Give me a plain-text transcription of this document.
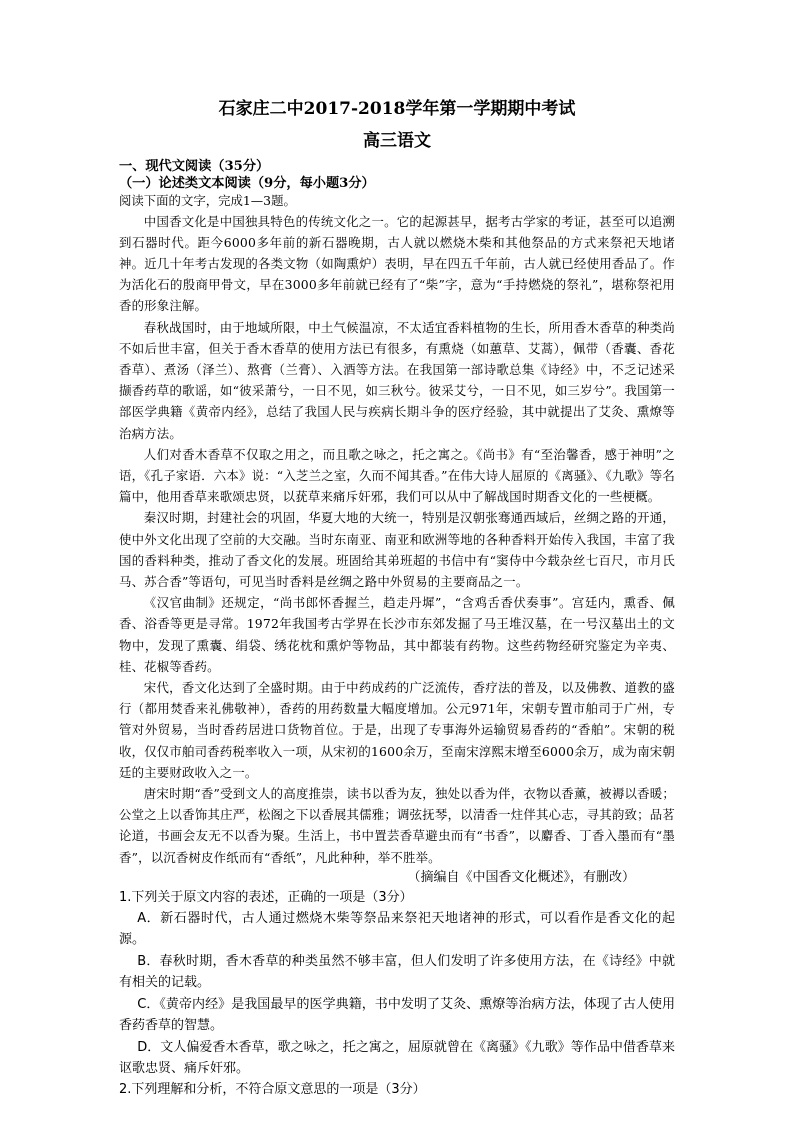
石家庄二中2017-2018学年第一学期期中考试
高三语文
一、现代文阅读（35分）
（一）论述类文本阅读（9分，每小题3分）
阅读下面的文字，完成1—3题。
中国香文化是中国独具特色的传统文化之一。它的起源甚早，据考古学家的考证，甚至可以追溯到石器时代。距今6000多年前的新石器晚期，古人就以燃烧木柴和其他祭品的方式来祭祀天地诸神。近几十年考古发现的各类文物（如陶熏炉）表明，早在四五千年前，古人就已经使用香品了。作为活化石的殷商甲骨文，早在3000多年前就已经有了“柴”字，意为“手持燃烧的祭礼”，堪称祭祀用香的形象注解。
春秋战国时，由于地域所限，中土气候温凉，不太适宜香料植物的生长，所用香木香草的种类尚不如后世丰富，但关于香木香草的使用方法已有很多，有熏烧（如蕙草、艾蒿），佩带（香囊、香花香草）、煮汤（泽兰）、熬膏（兰膏）、入酒等方法。在我国第一部诗歌总集《诗经》中，不乏记述采撷香药草的歌谣，如“彼采萧兮，一日不见，如三秋兮。彼采艾兮，一日不见，如三岁兮”。我国第一部医学典籍《黄帝内经》，总结了我国人民与疾病长期斗争的医疗经验，其中就提出了艾灸、熏燎等治病方法。
人们对香木香草不仅取之用之，而且歌之咏之，托之寓之。《尚书》有“至治馨香，感于神明”之语，《孔子家语．六本》说：“入芝兰之室，久而不闻其香。”在伟大诗人屈原的《离骚》、《九歌》等名篇中，他用香草来歌颂忠贤，以莸草来痛斥奸邪，我们可以从中了解战国时期香文化的一些梗概。
秦汉时期，封建社会的巩固，华夏大地的大统一，特别是汉朝张骞通西域后，丝绸之路的开通，使中外文化出现了空前的大交融。当时东南亚、南亚和欧洲等地的各种香料开始传入我国，丰富了我国的香料种类，推动了香文化的发展。班固给其弟班超的书信中有“窦侍中今载杂丝七百尺，市月氏马、苏合香”等语句，可见当时香料是丝绸之路中外贸易的主要商品之一。
《汉官曲制》还规定，“尚书郎怀香握兰，趋走丹墀”，“含鸡舌香伏奏事”。宫廷内，熏香、佩香、浴香等更是寻常。1972年我国考古学界在长沙市东郊发掘了马王堆汉墓，在一号汉墓出土的文物中，发现了熏囊、绢袋、绣花枕和熏炉等物品，其中都装有药物。这些药物经研究鉴定为辛夷、桂、花椒等香药。
宋代，香文化达到了全盛时期。由于中药成药的广泛流传，香疗法的普及，以及佛教、道教的盛行（都用焚香来礼佛敬神），香药的用药数量大幅度增加。公元971年，宋朝专置市舶司于广州，专管对外贸易，当时香药居进口货物首位。于是，出现了专事海外运输贸易香药的“香舶”。宋朝的税收，仅仅市舶司香药税率收入一项，从宋初的1600余万，至南宋淳熙末增至6000余万，成为南宋朝廷的主要财政收入之一。
唐宋时期“香”受到文人的高度推崇，读书以香为友，独处以香为伴，衣物以香薰，被褥以香暖；公堂之上以香饰其庄严，松阁之下以香展其儒雅；调弦抚琴，以清香一炷伴其心志，寻其韵致；品茗论道，书画会友无不以香为聚。生活上，书中置芸香草避虫而有“书香”，以麝香、丁香入墨而有“墨香”，以沉香树皮作纸而有“香纸”，凡此种种，举不胜举。
（摘编自《中国香文化概述》，有删改）
1.下列关于原文内容的表述，正确的一项是（3分）
A．新石器时代，古人通过燃烧木柴等祭品来祭祀天地诸神的形式，可以看作是香文化的起源。
B．春秋时期，香木香草的种类虽然不够丰富，但人们发明了许多使用方法，在《诗经》中就有相关的记载。
C．《黄帝内经》是我国最早的医学典籍，书中发明了艾灸、熏燎等治病方法，体现了古人使用香药香草的智慧。
D．文人偏爱香木香草，歌之咏之，托之寓之，屈原就曾在《离骚》《九歌》等作品中借香草来讴歌忠贤、痛斥奸邪。
2.下列理解和分析，不符合原文意思的一项是（3分）
